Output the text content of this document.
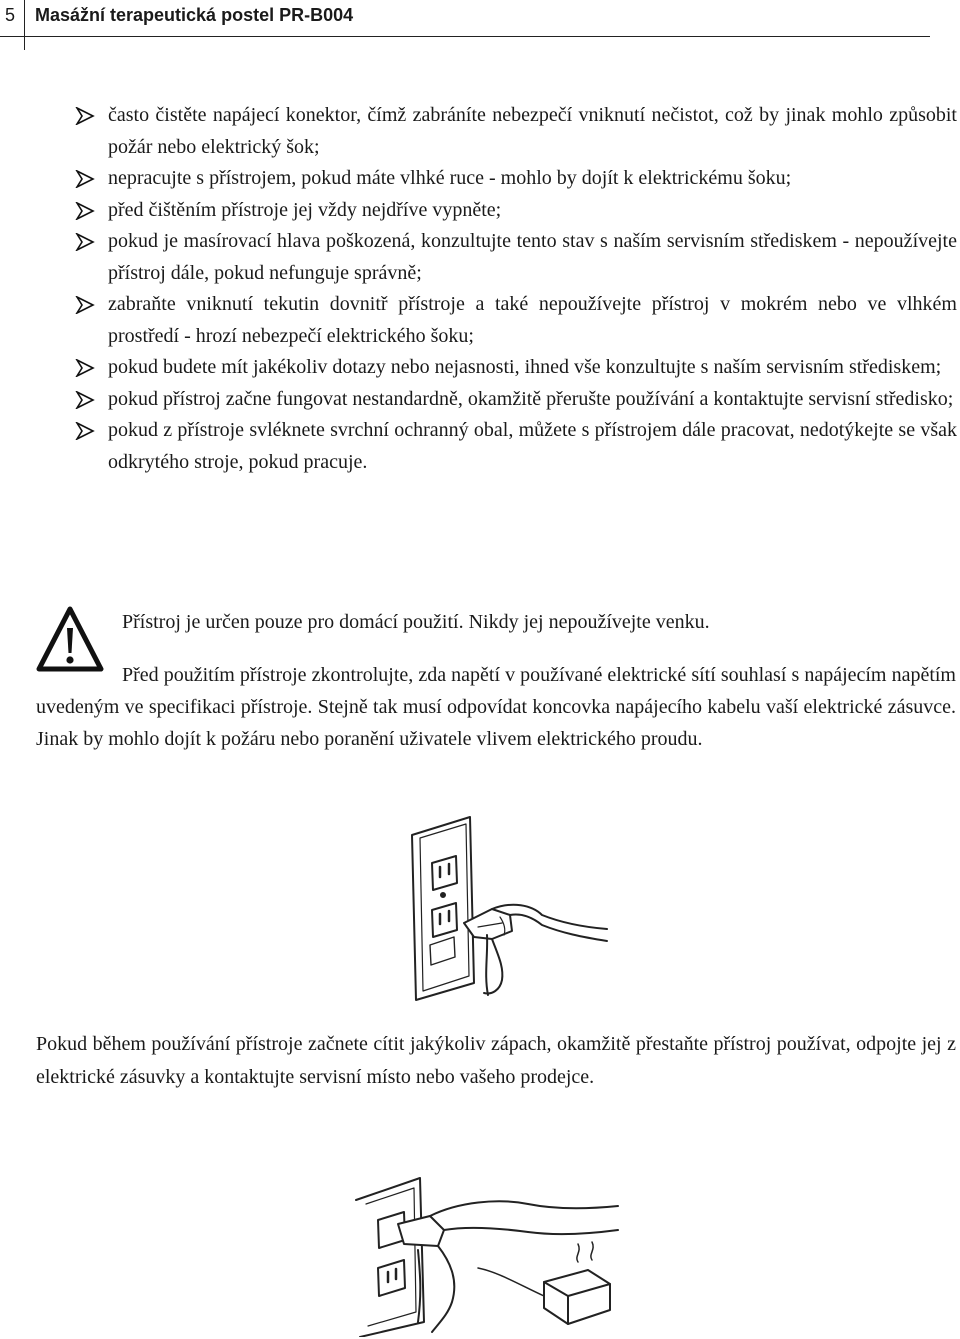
5 Masážní terapeutická postel PR-B004
často čistěte napájecí konektor, čímž zabráníte nebezpečí vniknutí nečistot, což by jinak mohlo způsobit požár nebo elektrický šok;
nepracujte s přístrojem, pokud máte vlhké ruce - mohlo by dojít k elektrickému šoku;
před čištěním přístroje jej vždy nejdříve vypněte;
pokud je masírovací hlava poškozená, konzultujte tento stav s naším servisním střediskem - nepoužívejte přístroj dále, pokud nefunguje správně;
zabraňte vniknutí tekutin dovnitř přístroje a také nepoužívejte přístroj v mokrém nebo ve vlhkém prostředí - hrozí nebezpečí elektrického šoku;
pokud budete mít jakékoliv dotazy nebo nejasnosti, ihned vše konzultujte s naším servisním střediskem;
pokud přístroj začne fungovat nestandardně, okamžitě přerušte používání a kontaktujte servisní středisko;
pokud z přístroje svléknete svrchní ochranný obal, můžete s přístrojem dále pracovat, nedotýkejte se však odkrytého stroje, pokud pracuje.
Přístroj je určen pouze pro domácí použití. Nikdy jej nepoužívejte venku.

Před použitím přístroje zkontrolujte, zda napětí v používané elektrické sítí souhlasí s napájecím napětím uvedeným ve specifikaci přístroje. Stejně tak musí odpovídat koncovka napájecího kabelu vaší elektrické zásuvce. Jinak by mohlo dojít k požáru nebo poranění uživatele vlivem elektrického proudu.

Pokud během používání přístroje začnete cítit jakýkoliv zápach, okamžitě přestaňte přístroj používat, odpojte jej z elektrické zásuvky a kontaktujte servisní místo nebo vašeho prodejce.
